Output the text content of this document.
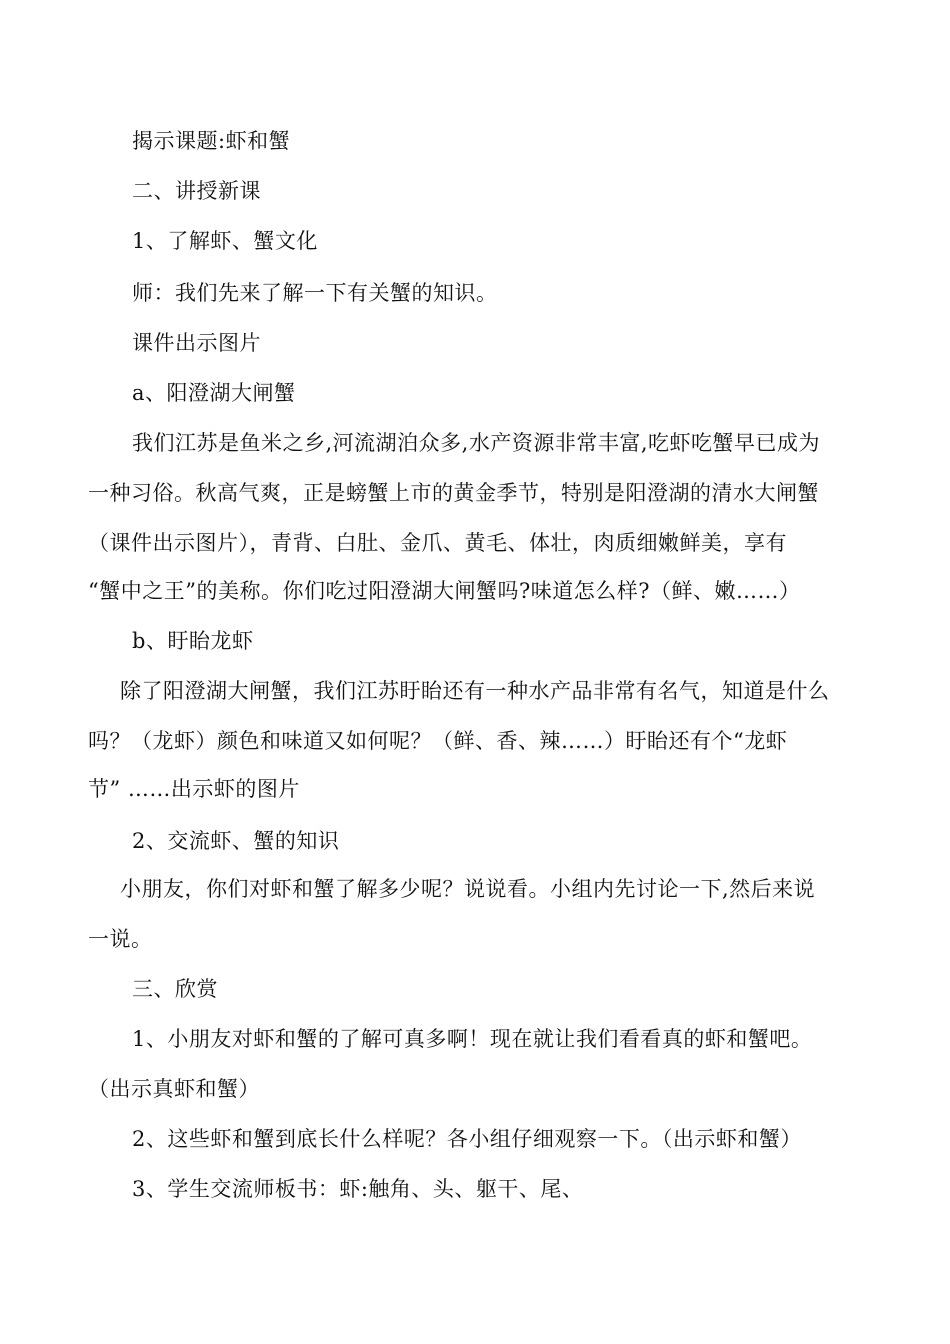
揭示课题:虾和蟹
二、讲授新课
1、了解虾、蟹文化
师：我们先来了解一下有关蟹的知识。
课件出示图片
a、阳澄湖大闸蟹
我们江苏是鱼米之乡,河流湖泊众多,水产资源非常丰富,吃虾吃蟹早已成为
一种习俗。秋高气爽，正是螃蟹上市的黄金季节，特别是阳澄湖的清水大闸蟹
（课件出示图片），青背、白肚、金爪、黄毛、体壮，肉质细嫩鲜美，享有
“蟹中之王”的美称。你们吃过阳澄湖大闸蟹吗?味道怎么样?（鲜、嫩……）
b、盱眙龙虾
除了阳澄湖大闸蟹，我们江苏盱眙还有一种水产品非常有名气，知道是什么
吗？（龙虾）颜色和味道又如何呢？（鲜、香、辣……）盱眙还有个“龙虾
节” ……出示虾的图片
2、交流虾、蟹的知识
小朋友，你们对虾和蟹了解多少呢？说说看。小组内先讨论一下,然后来说
一说。
三、欣赏
1、小朋友对虾和蟹的了解可真多啊！现在就让我们看看真的虾和蟹吧。
（出示真虾和蟹）
2、这些虾和蟹到底长什么样呢？各小组仔细观察一下。（出示虾和蟹）
3、学生交流师板书：虾:触角、头、躯干、尾、
